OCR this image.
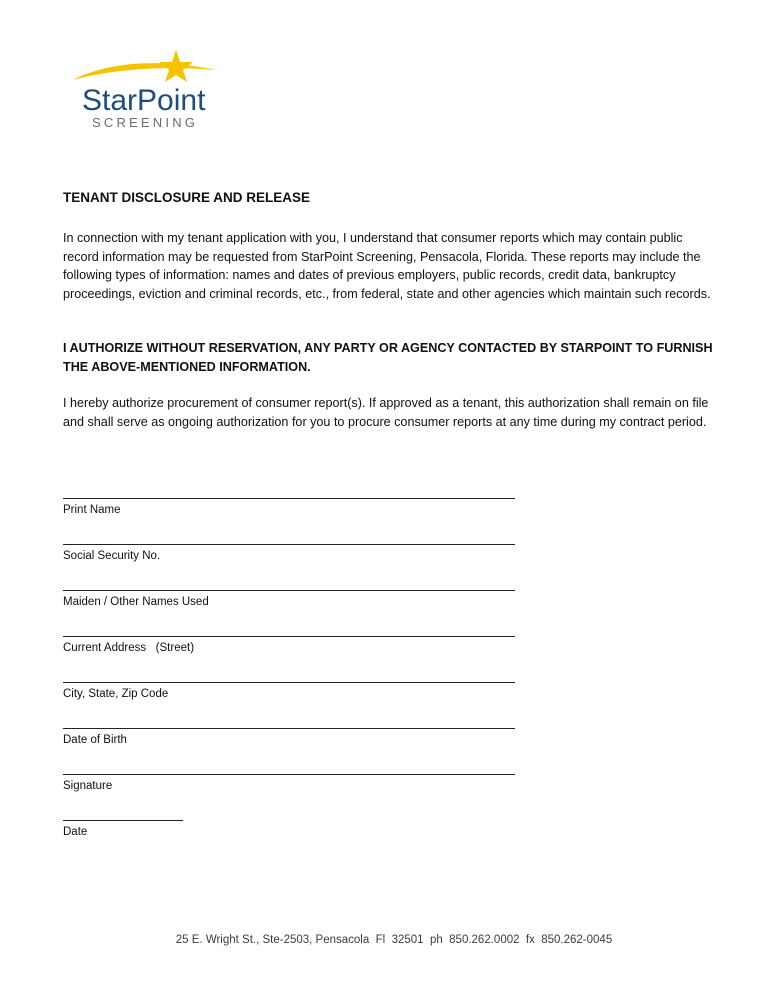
StarPoint
SCREENING
TENANT DISCLOSURE AND RELEASE

In connection with my tenant application with you, I understand that consumer reports which may contain public record information may be requested from StarPoint Screening, Pensacola, Florida. These reports may include the following types of information: names and dates of previous employers, public records, credit data, bankruptcy proceedings, eviction and criminal records, etc., from federal, state and other agencies which maintain such records.

I AUTHORIZE WITHOUT RESERVATION, ANY PARTY OR AGENCY CONTACTED BY STARPOINT TO FURNISH THE ABOVE-MENTIONED INFORMATION.

I hereby authorize procurement of consumer report(s). If approved as a tenant, this authorization shall remain on file and shall serve as ongoing authorization for you to procure consumer reports at any time during my contract period.

Print Name
Social Security No.
Maiden / Other Names Used
Current Address   (Street)
City, State, Zip Code
Date of Birth
Signature
Date
25 E. Wright St., Ste-2503, Pensacola  Fl  32501  ph  850.262.0002  fx  850.262-0045
